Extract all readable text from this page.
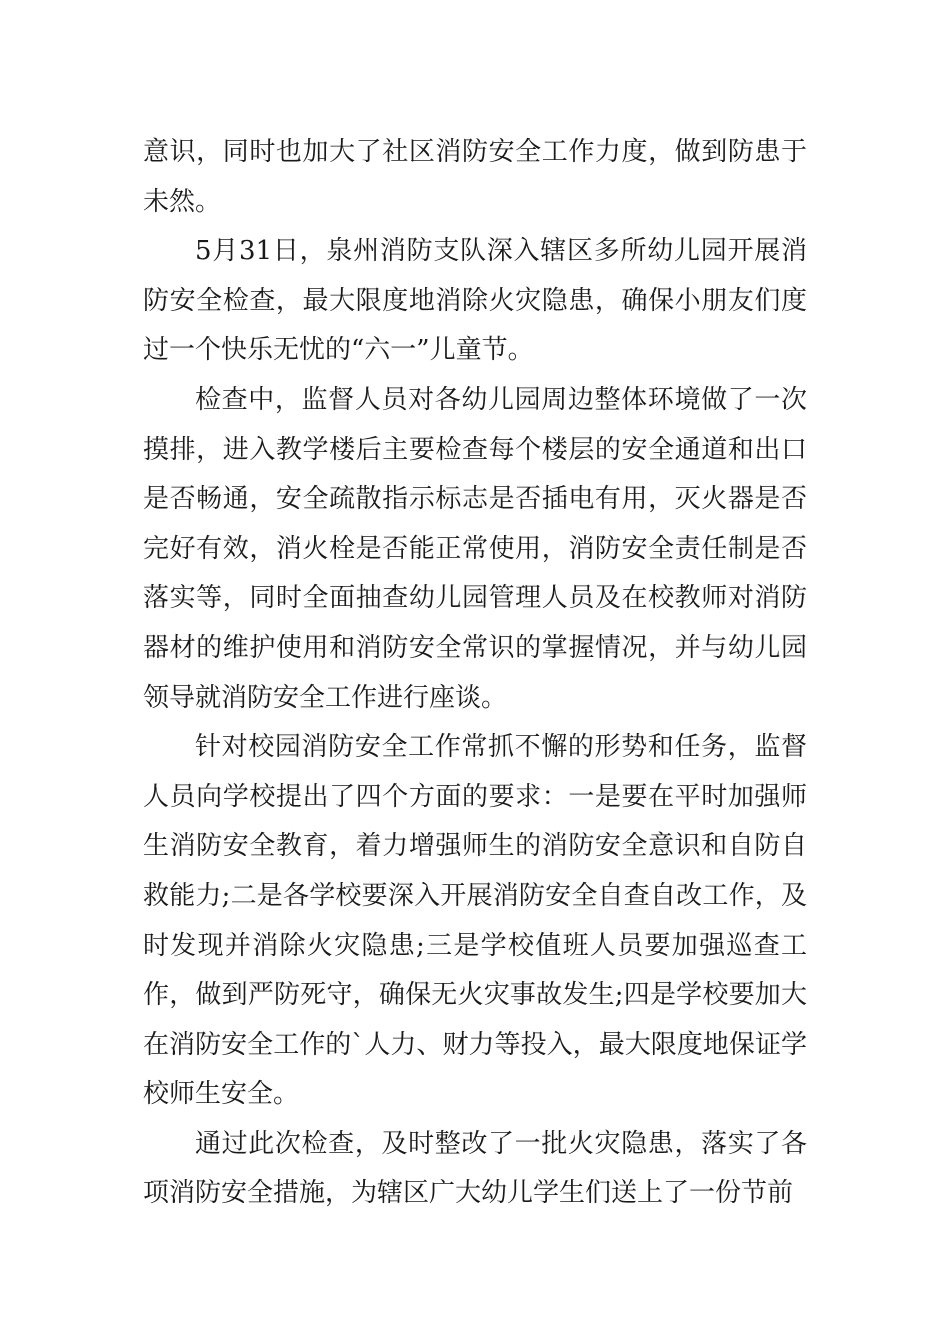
意识，同时也加大了社区消防安全工作力度，做到防患于未然。

5月31日，泉州消防支队深入辖区多所幼儿园开展消防安全检查，最大限度地消除火灾隐患，确保小朋友们度过一个快乐无忧的“六一”儿童节。

检查中，监督人员对各幼儿园周边整体环境做了一次摸排，进入教学楼后主要检查每个楼层的安全通道和出口是否畅通，安全疏散指示标志是否插电有用，灭火器是否完好有效，消火栓是否能正常使用，消防安全责任制是否落实等，同时全面抽查幼儿园管理人员及在校教师对消防器材的维护使用和消防安全常识的掌握情况，并与幼儿园领导就消防安全工作进行座谈。

针对校园消防安全工作常抓不懈的形势和任务，监督人员向学校提出了四个方面的要求：一是要在平时加强师生消防安全教育，着力增强师生的消防安全意识和自防自救能力;二是各学校要深入开展消防安全自查自改工作，及时发现并消除火灾隐患;三是学校值班人员要加强巡查工作，做到严防死守，确保无火灾事故发生;四是学校要加大在消防安全工作的`人力、财力等投入，最大限度地保证学校师生安全。

通过此次检查，及时整改了一批火灾隐患，落实了各项消防安全措施，为辖区广大幼儿学生们送上了一份节前
